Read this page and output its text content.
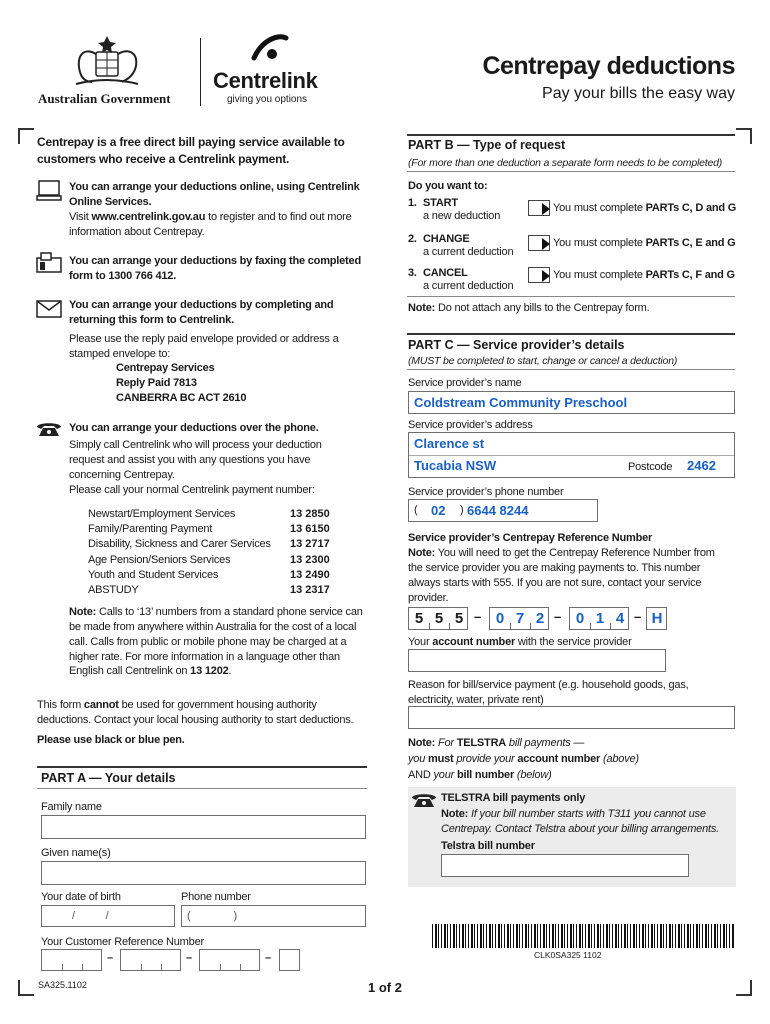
Australian Government
Centrelink
giving you options
Centrepay deductions
Pay your bills the easy way
Centrepay is a free direct bill paying service available to customers who receive a Centrelink payment.
You can arrange your deductions online, using Centrelink Online Services.
Visit www.centrelink.gov.au to register and to find out more information about Centrepay.
You can arrange your deductions by faxing the completed form to 1300 766 412.
You can arrange your deductions by completing and returning this form to Centrelink.
Please use the reply paid envelope provided or address a stamped envelope to:
Centrepay Services
Reply Paid 7813
CANBERRA BC ACT 2610
You can arrange your deductions over the phone.
Simply call Centrelink who will process your deduction request and assist you with any questions you have concerning Centrepay.
Please call your normal Centrelink payment number:
Newstart/Employment Services	13 2850
Family/Parenting Payment	13 6150
Disability, Sickness and Carer Services 13 2717
Age Pension/Seniors Services	13 2300
Youth and Student Services	13 2490
ABSTUDY	13 2317
Note: Calls to ‘13’ numbers from a standard phone service can be made from anywhere within Australia for the cost of a local call. Calls from public or mobile phone may be charged at a higher rate. For more information in a language other than English call Centrelink on 13 1202.
This form cannot be used for government housing authority deductions. Contact your local housing authority to start deductions.
Please use black or blue pen.
PART A — Your details
Family name
Given name(s)
Your date of birth
/          /
Phone number
(              )
Your Customer Reference Number
–	–	–
PART B — Type of request
(For more than one deduction a separate form needs to be completed)
Do you want to:
1. START
a new deduction
You must complete PARTs C, D and G
2. CHANGE
a current deduction
You must complete PARTs C, E and G
3. CANCEL
a current deduction
You must complete PARTs C, F and G
Note: Do not attach any bills to the Centrepay form.
PART C — Service provider’s details
(MUST be completed to start, change or cancel a deduction)
Service provider’s name
Coldstream Community Preschool
Service provider’s address
Clarence st
Tucabia NSW	Postcode 2462
Service provider’s phone number
( 02 ) 6644 8244
Service provider’s Centrepay Reference Number
Note: You will need to get the Centrepay Reference Number from the service provider you are making payments to. This number always starts with 555. If you are not sure, contact your service provider.
5 5 5 – 0 7 2 – 0 1 4 – H
Your account number with the service provider
Reason for bill/service payment (e.g. household goods, gas, electricity, water, private rent)
Note: For TELSTRA bill payments —
you must provide your account number (above)
AND your bill number (below)
TELSTRA bill payments only
Note: If your bill number starts with T311 you cannot use Centrepay. Contact Telstra about your billing arrangements.
Telstra bill number
CLK0SA325 1102
SA325.1102	1 of 2
